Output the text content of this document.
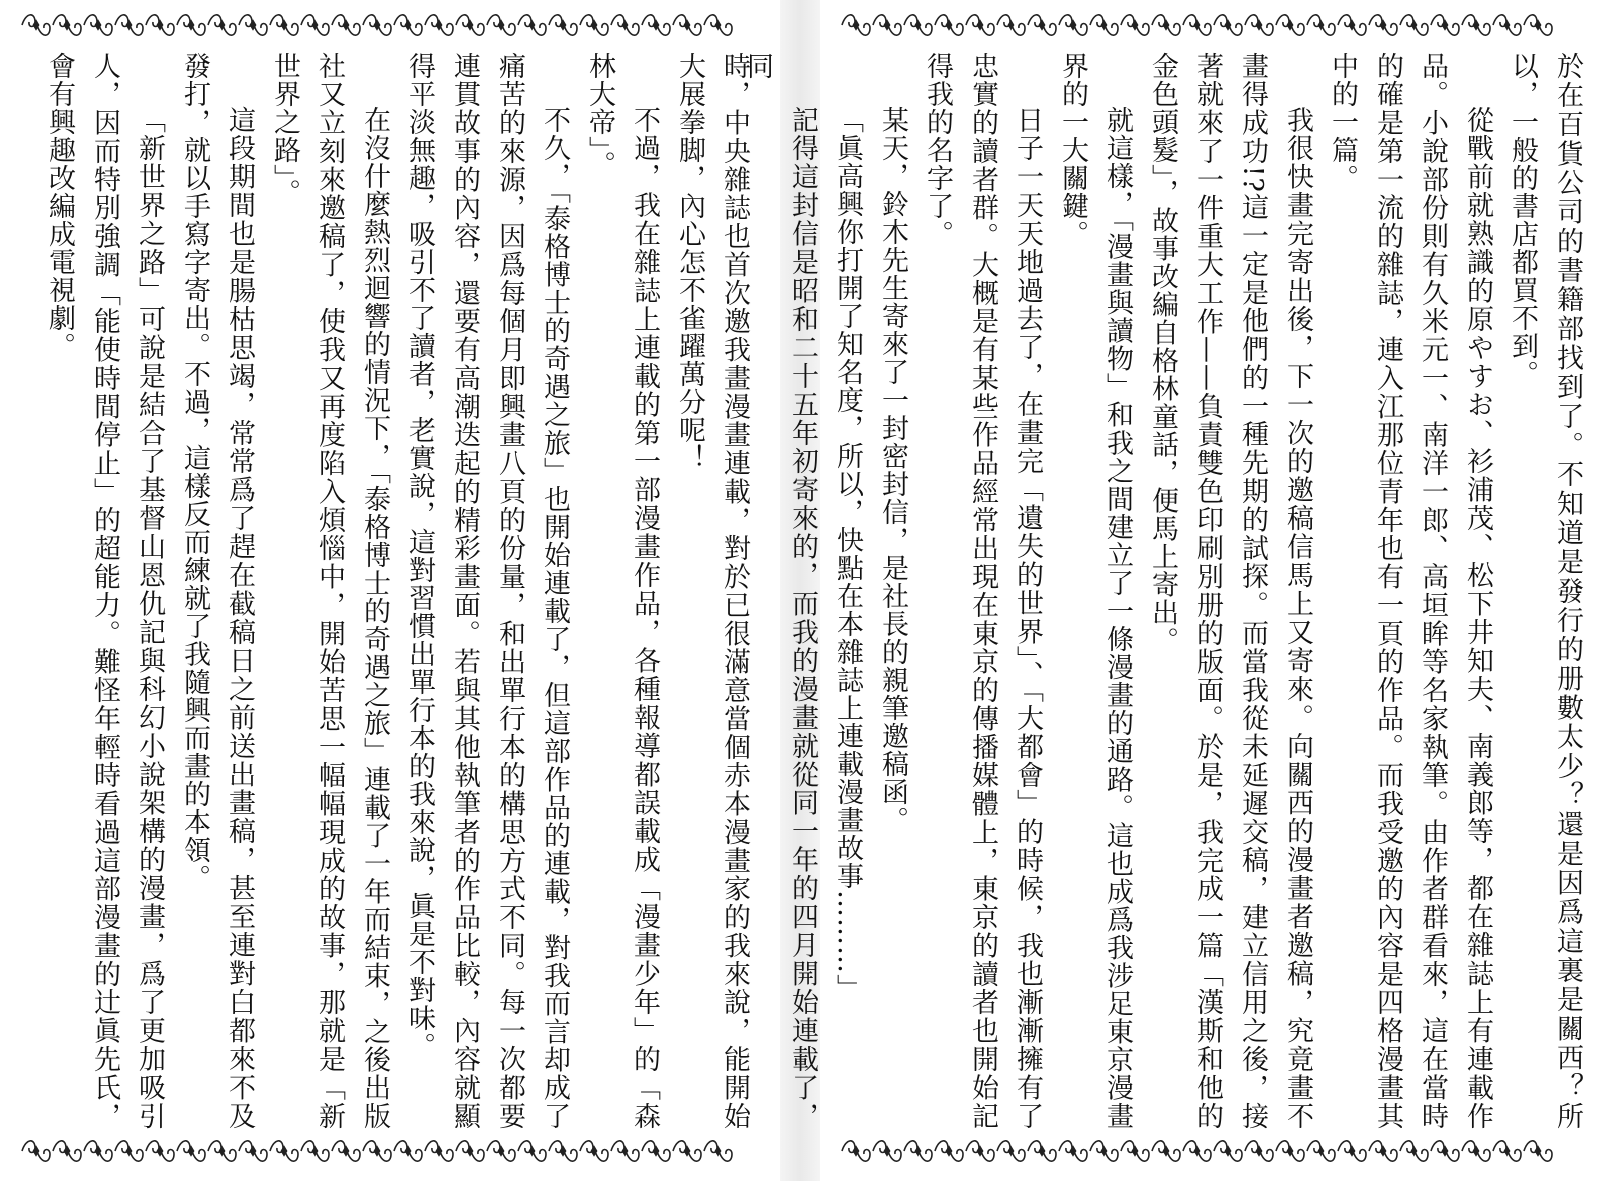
時，中央雜誌也首次邀我畫漫畫連載，對於已很滿意當個赤本漫畫家的我來說，能開始大展拳脚，內心怎不雀躍萬分呢！

不過，我在雜誌上連載的第一部漫畫作品，各種報導都誤載成「漫畫少年」的「森林大帝」。

不久，「泰格博士的奇遇之旅」也開始連載了，但這部作品的連載，對我而言却成了痛苦的來源，因爲每個月即興畫八頁的份量，和出單行本的構思方式不同。每一次都要連貫故事的內容，還要有高潮迭起的精彩畫面。若與其他執筆者的作品比較，內容就顯得平淡無趣，吸引不了讀者，老實說，這對習慣出單行本的我來說，眞是不對味。

在沒什麼熱烈迴響的情況下，「泰格博士的奇遇之旅」連載了一年而結束，之後出版社又立刻來邀稿了，使我又再度陷入煩惱中，開始苦思一幅幅現成的故事，那就是「新世界之路」。

這段期間也是腸枯思竭，常常爲了趕在截稿日之前送出畫稿，甚至連對白都來不及發打，就以手寫字寄出。不過，這樣反而練就了我隨興而畫的本領。

「新世界之路」可說是結合了基督山恩仇記與科幻小說架構的漫畫，爲了更加吸引人，因而特別強調「能使時間停止」的超能力。難怪年輕時看過這部漫畫的辻眞先氏，會有興趣改編成電視劇。	於在百貨公司的書籍部找到了。不知道是發行的册數太少？還是因爲這裏是關西？所以，一般的書店都買不到。

從戰前就熟識的原やすお、衫浦茂、松下井知夫、南義郎等，都在雜誌上有連載作品。小說部份則有久米元一、南洋一郎、高垣眸等名家執筆。由作者群看來，這在當時的確是第一流的雜誌，連入江那位青年也有一頁的作品。而我受邀的內容是四格漫畫其中的一篇。

我很快畫完寄出後，下一次的邀稿信馬上又寄來。向關西的漫畫者邀稿，究竟畫不畫得成功!?這一定是他們的一種先期的試探。而當我從未延遲交稿，建立信用之後，接著就來了一件重大工作——負責雙色印刷別册的版面。於是，我完成一篇「漢斯和他的金色頭髮」，故事改編自格林童話，便馬上寄出。

就這樣，「漫畫與讀物」和我之間建立了一條漫畫的通路。這也成爲我涉足東京漫畫界的一大關鍵。

日子一天天地過去了，在畫完「遺失的世界」、「大都會」的時候，我也漸漸擁有了忠實的讀者群。大概是有某些作品經常出現在東京的傳播媒體上，東京的讀者也開始記得我的名字了。

某天，鈴木先生寄來了一封密封信，是社長的親筆邀稿函。

「眞高興你打開了知名度，所以，快點在本雜誌上連載漫畫故事………」

記得這封信是昭和二十五年初寄來的，而我的漫畫就從同一年的四月開始連載了，同
